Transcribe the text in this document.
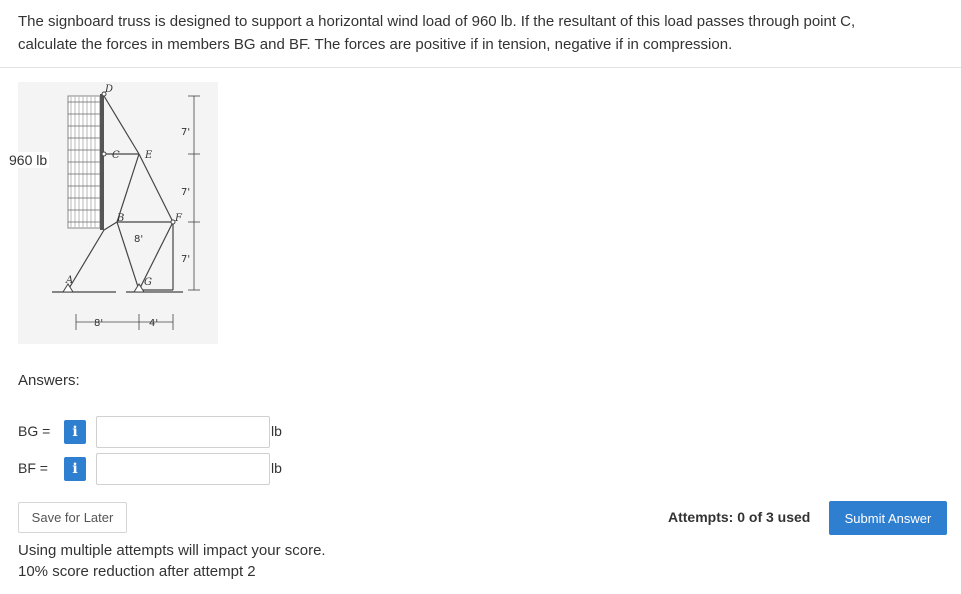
The signboard truss is designed to support a horizontal wind load of 960 lb. If the resultant of this load passes through point C,
calculate the forces in members BG and BF. The forces are positive if in tension, negative if in compression.
D
C	E
B	F
A	G
7'
7'
7'
8'
8'	4'
960 lb
Answers:
BG =	i	lb
BF =	i	lb
Save for Later	Attempts: 0 of 3 used	Submit Answer
Using multiple attempts will impact your score.
10% score reduction after attempt 2
